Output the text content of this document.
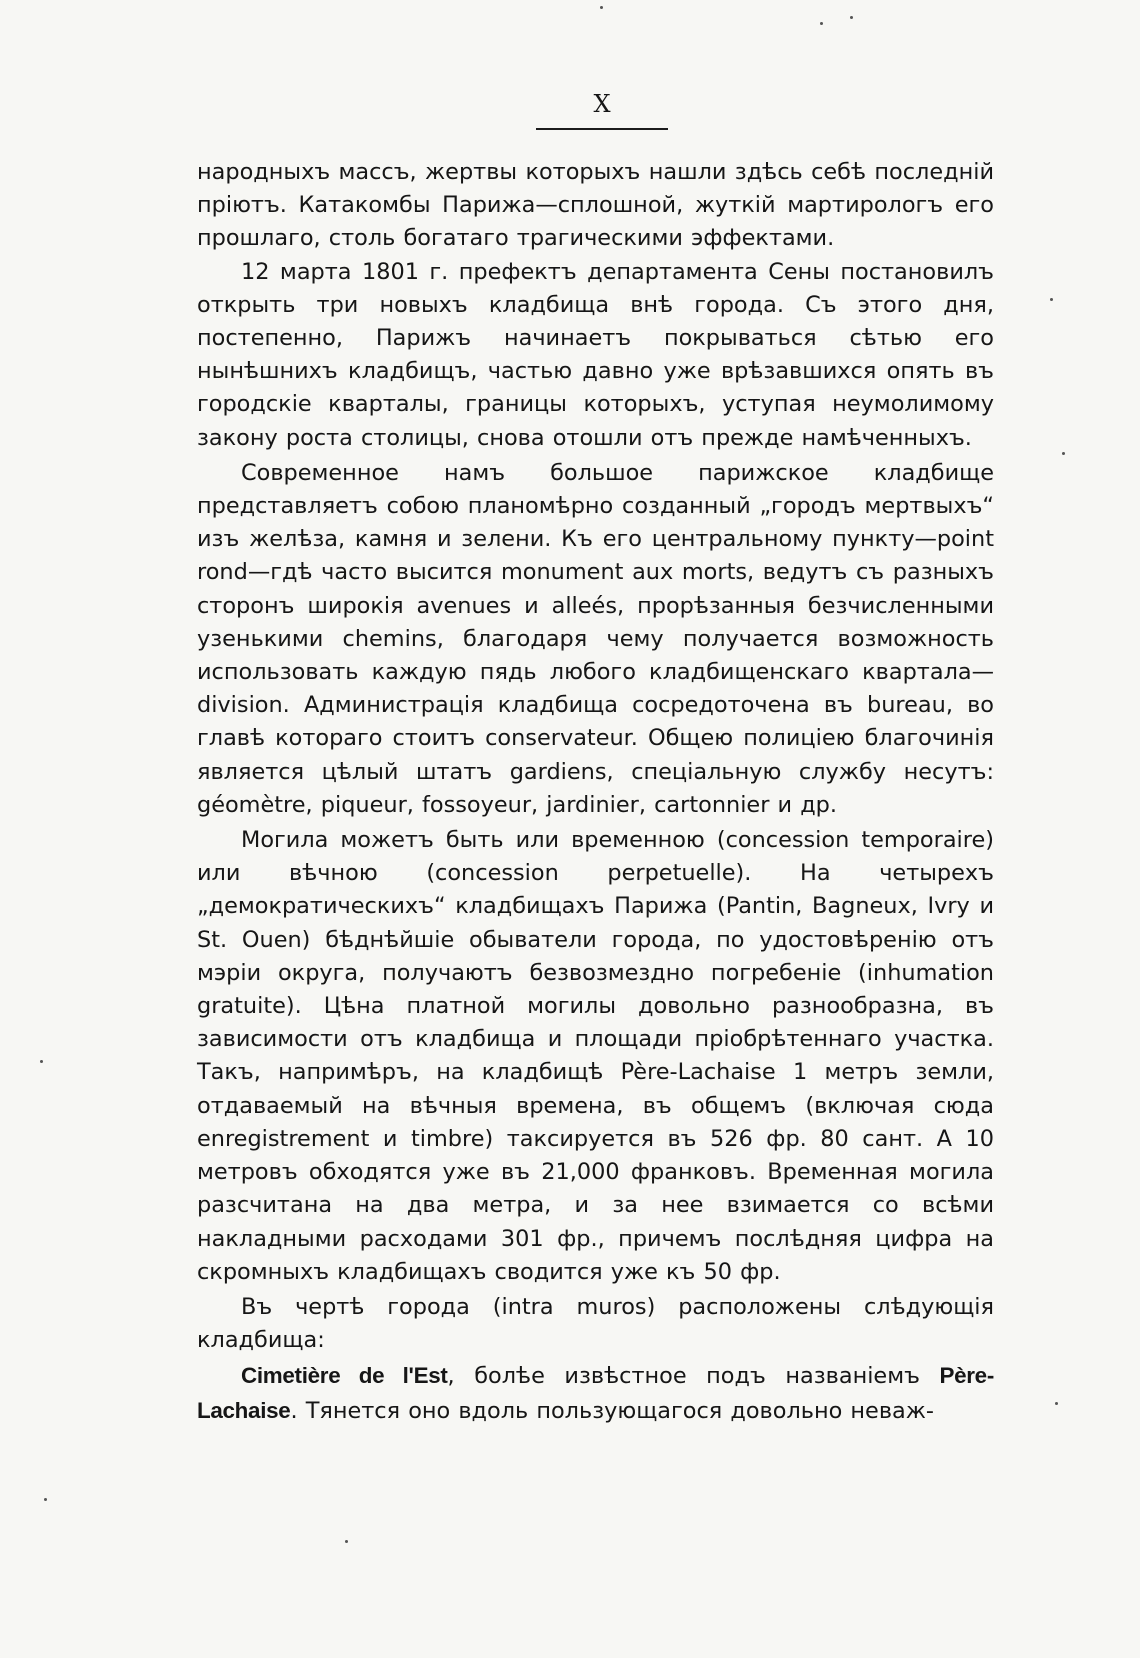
X

народныхъ массъ, жертвы которыхъ нашли здѣсь себѣ последній пріютъ. Катакомбы Парижа—сплошной, жуткій мартирологъ его прошлаго, столь богатаго трагическими эффектами.

12 марта 1801 г. префектъ департамента Сены постановилъ открыть три новыхъ кладбища внѣ города. Съ этого дня, постепенно, Парижъ начинаетъ покрываться сѣтью его нынѣшнихъ кладбищъ, частью давно уже врѣзавшихся опять въ городскіе кварталы, границы которыхъ, уступая неумолимому закону роста столицы, снова отошли отъ прежде намѣченныхъ.

Современное намъ большое парижское кладбище представляетъ собою планомѣрно созданный „городъ мертвыхъ“ изъ желѣза, камня и зелени. Къ его центральному пункту—point rond—гдѣ часто высится monument aux morts, ведутъ съ разныхъ сторонъ широкія avenues и alleés, прорѣзанныя безчисленными узенькими chemins, благодаря чему получается возможность использовать каждую пядь любого кладбищенскаго квартала—division. Администрація кладбища сосредоточена въ bureau, во главѣ котораго стоитъ conservateur. Общею полиціею благочинія является цѣлый штатъ gardiens, спеціальную службу несутъ: géomètre, piqueur, fossoyeur, jardinier, cartonnier и др.

Могила можетъ быть или временною (concession temporaire) или вѣчною (concession perpetuelle). На четырехъ „демократическихъ“ кладбищахъ Парижа (Pantin, Bagneux, Ivry и St. Ouen) бѣднѣйшіе обыватели города, по удостовѣренію отъ мэріи округа, получаютъ безвозмездно погребеніе (inhumation gratuite). Цѣна платной могилы довольно разнообразна, въ зависимости отъ кладбища и площади пріобрѣтеннаго участка. Такъ, напримѣръ, на кладбищѣ Père-Lachaise 1 метръ земли, отдаваемый на вѣчныя времена, въ общемъ (включая сюда enregistrement и timbre) таксируется въ 526 фр. 80 сант. А 10 метровъ обходятся уже въ 21,000 франковъ. Временная могила разсчитана на два метра, и за нее взимается со всѣми накладными расходами 301 фр., причемъ послѣдняя цифра на скромныхъ кладбищахъ сводится уже къ 50 фр.

Въ чертѣ города (intra muros) расположены слѣдующія кладбища:

Cimetière de l'Est, болѣе извѣстное подъ названіемъ Père-Lachaise. Тянется оно вдоль пользующагося довольно невaж-
